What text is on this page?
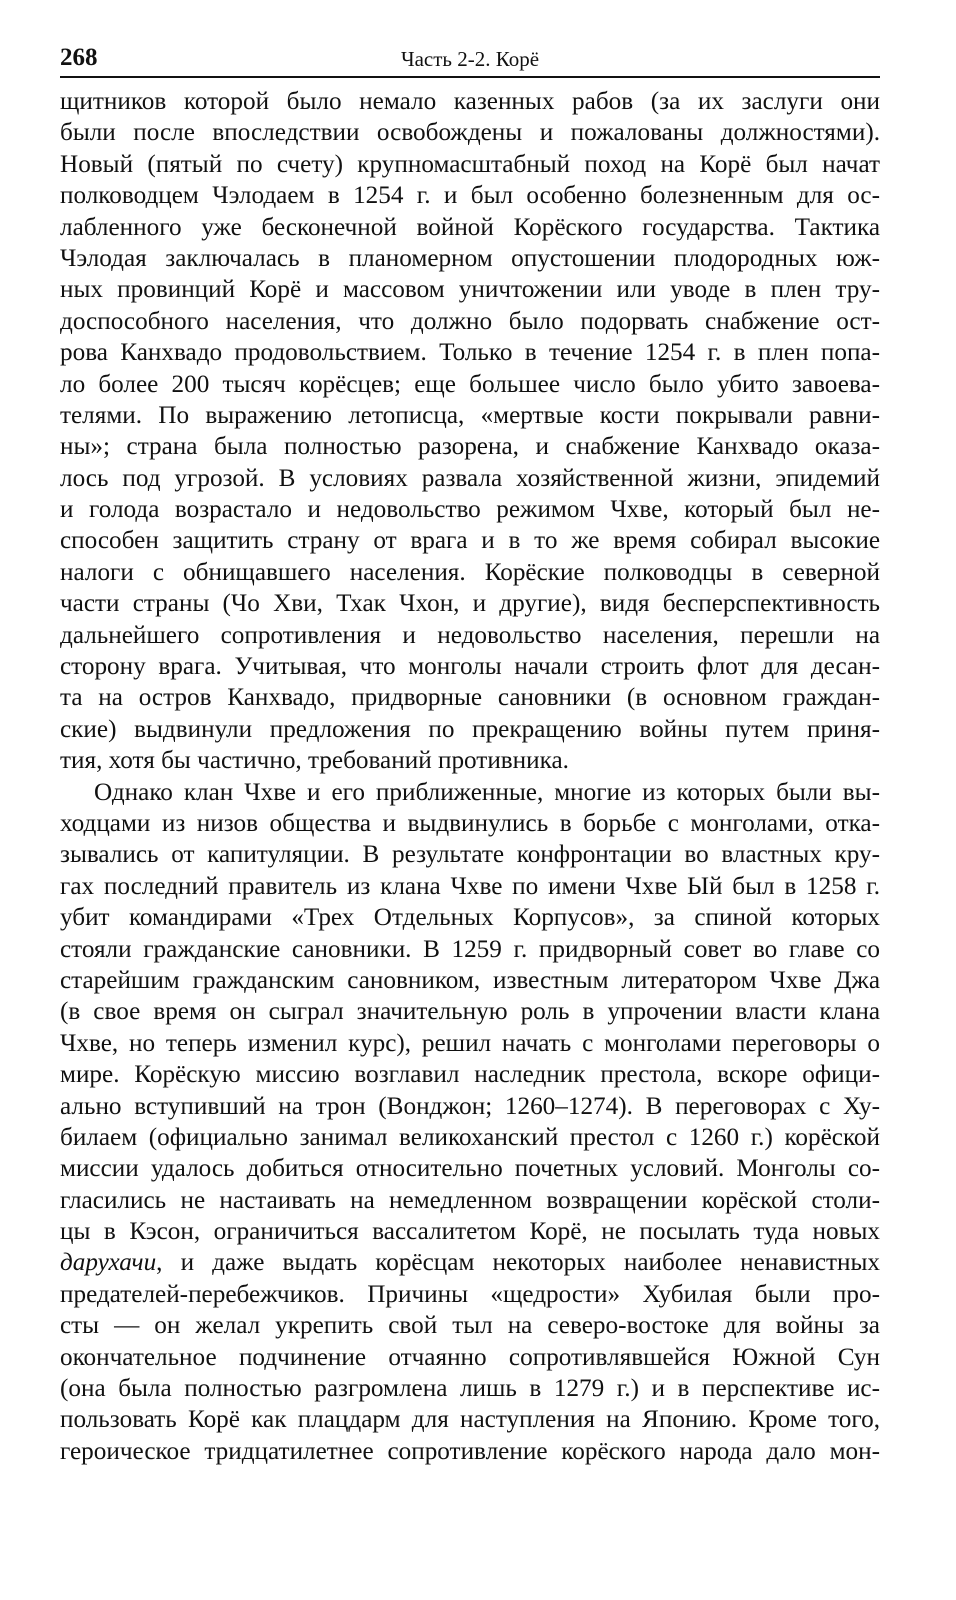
268	Часть 2-2. Корё
щитников которой было немало казенных рабов (за их заслуги они
были после впоследствии освобождены и пожалованы должностями).
Новый (пятый по счету) крупномасштабный поход на Корё был начат
полководцем Чэлодаем в 1254 г. и был особенно болезненным для ос-
лабленного уже бесконечной войной Корёского государства. Тактика
Чэлодая заключалась в планомерном опустошении плодородных юж-
ных провинций Корё и массовом уничтожении или уводе в плен тру-
доспособного населения, что должно было подорвать снабжение ост-
рова Канхвадо продовольствием. Только в течение 1254 г. в плен попа-
ло более 200 тысяч корёсцев; еще большее число было убито завоева-
телями. По выражению летописца, «мертвые кости покрывали равни-
ны»; страна была полностью разорена, и снабжение Канхвадо оказа-
лось под угрозой. В условиях развала хозяйственной жизни, эпидемий
и голода возрастало и недовольство режимом Чхве, который был не-
способен защитить страну от врага и в то же время собирал высокие
налоги с обнищавшего населения. Корёские полководцы в северной
части страны (Чо Хви, Тхак Чхон, и другие), видя бесперспективность
дальнейшего сопротивления и недовольство населения, перешли на
сторону врага. Учитывая, что монголы начали строить флот для десан-
та на остров Канхвадо, придворные сановники (в основном граждан-
ские) выдвинули предложения по прекращению войны путем приня-
тия, хотя бы частично, требований противника.
Однако клан Чхве и его приближенные, многие из которых были вы-
ходцами из низов общества и выдвинулись в борьбе с монголами, отка-
зывались от капитуляции. В результате конфронтации во властных кру-
гах последний правитель из клана Чхве по имени Чхве Ый был в 1258 г.
убит командирами «Трех Отдельных Корпусов», за спиной которых
стояли гражданские сановники. В 1259 г. придворный совет во главе со
старейшим гражданским сановником, известным литератором Чхве Джа
(в свое время он сыграл значительную роль в упрочении власти клана
Чхве, но теперь изменил курс), решил начать с монголами переговоры о
мире. Корёскую миссию возглавил наследник престола, вскоре офици-
ально вступивший на трон (Вонджон; 1260–1274). В переговорах с Ху-
билаем (официально занимал великоханский престол с 1260 г.) корёской
миссии удалось добиться относительно почетных условий. Монголы со-
гласились не настаивать на немедленном возвращении корёской столи-
цы в Кэсон, ограничиться вассалитетом Корё, не посылать туда новых
дарухачи, и даже выдать корёсцам некоторых наиболее ненавистных
предателей-перебежчиков. Причины «щедрости» Хубилая были про-
сты — он желал укрепить свой тыл на северо-востоке для войны за
окончательное подчинение отчаянно сопротивлявшейся Южной Сун
(она была полностью разгромлена лишь в 1279 г.) и в перспективе ис-
пользовать Корё как плацдарм для наступления на Японию. Кроме того,
героическое тридцатилетнее сопротивление корёского народа дало мон-
